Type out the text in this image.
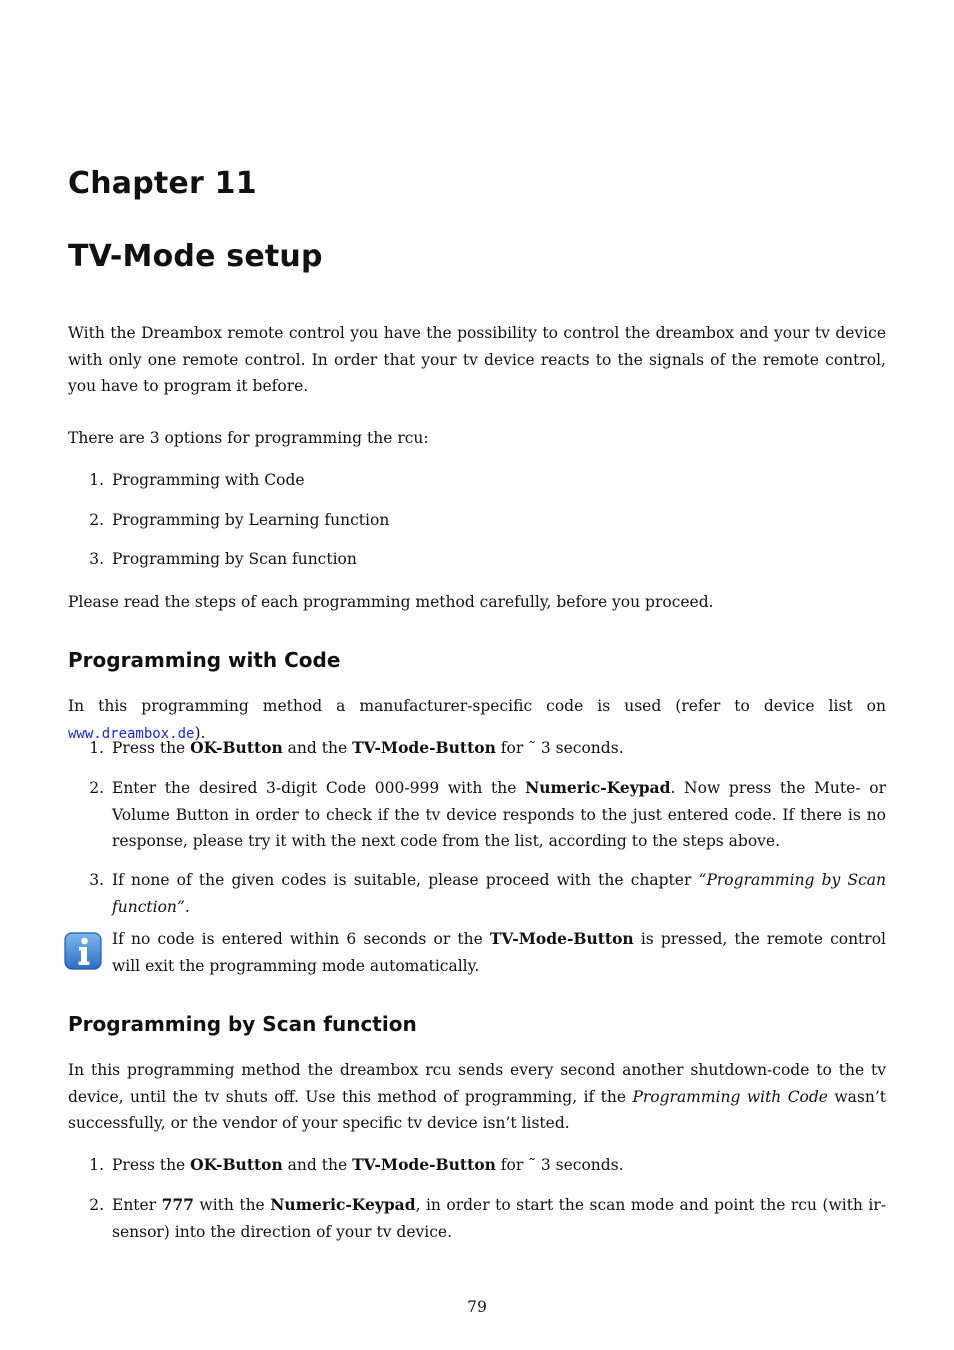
Chapter 11
TV-Mode setup

With the Dreambox remote control you have the possibility to control the dreambox and your tv device with only one remote control. In order that your tv device reacts to the signals of the remote control, you have to program it before.

There are 3 options for programming the rcu:

1. Programming with Code
2. Programming by Learning function
3. Programming by Scan function

Please read the steps of each programming method carefully, before you proceed.

Programming with Code

In this programming method a manufacturer-specific code is used (refer to device list on www.dreambox.de).

1. Press the OK-Button and the TV-Mode-Button for ˜ 3 seconds.
2. Enter the desired 3-digit Code 000-999 with the Numeric-Keypad. Now press the Mute- or Volume Button in order to check if the tv device responds to the just entered code. If there is no response, please try it with the next code from the list, according to the steps above.
3. If none of the given codes is suitable, please proceed with the chapter “Programming by Scan function”.
If no code is entered within 6 seconds or the TV-Mode-Button is pressed, the remote control will exit the programming mode automatically.
Programming by Scan function

In this programming method the dreambox rcu sends every second another shutdown-code to the tv device, until the tv shuts off. Use this method of programming, if the Programming with Code wasn’t successfully, or the vendor of your specific tv device isn’t listed.

1. Press the OK-Button and the TV-Mode-Button for ˜ 3 seconds.
2. Enter 777 with the Numeric-Keypad, in order to start the scan mode and point the rcu (with ir-sensor) into the direction of your tv device.
79
